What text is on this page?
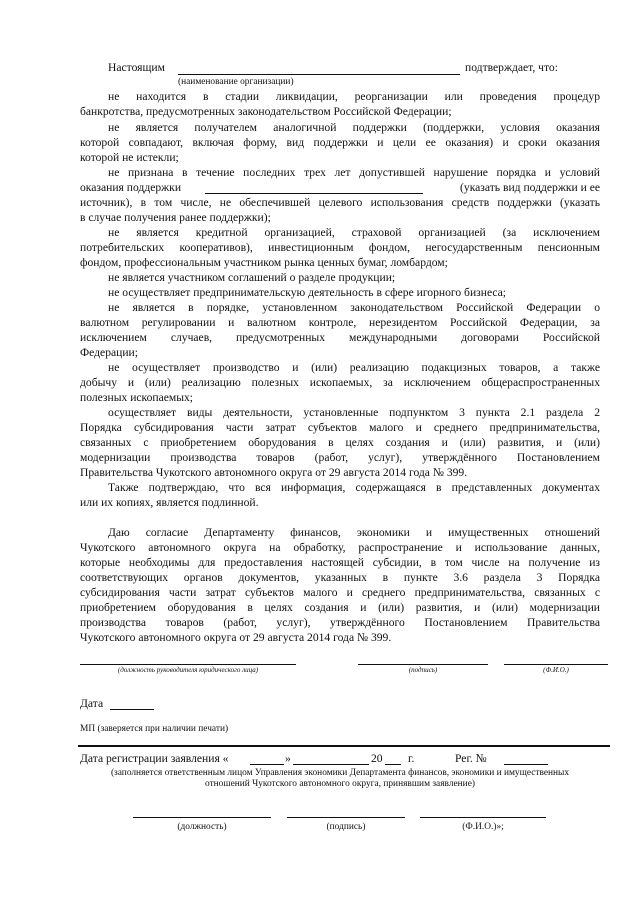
Настоящим	подтверждает, что:
(наименование организации)
не находится в стадии ликвидации, реорганизации или проведения процедур
банкротства, предусмотренных законодательством Российской Федерации;
не является получателем аналогичной поддержки (поддержки, условия оказания
которой совпадают, включая форму, вид поддержки и цели ее оказания) и сроки оказания
которой не истекли;
не признана в течение последних трех лет допустившей нарушение порядка и условий
оказания поддержки	(указать вид поддержки и ее
источник), в том числе, не обеспечившей целевого использования средств поддержки (указать
в случае получения ранее поддержки);
не является кредитной организацией, страховой организацией (за исключением
потребительских кооперативов), инвестиционным фондом, негосударственным пенсионным
фондом, профессиональным участником рынка ценных бумаг, ломбардом;
не является участником соглашений о разделе продукции;
не осуществляет предпринимательскую деятельность в сфере игорного бизнеса;
не является в порядке, установленном законодательством Российской Федерации о
валютном регулировании и валютном контроле, нерезидентом Российской Федерации, за
исключением случаев, предусмотренных международными договорами Российской
Федерации;
не осуществляет производство и (или) реализацию подакцизных товаров, а также
добычу и (или) реализацию полезных ископаемых, за исключением общераспространенных
полезных ископаемых;
осуществляет виды деятельности, установленные подпунктом 3 пункта 2.1 раздела 2
Порядка субсидирования части затрат субъектов малого и среднего предпринимательства,
связанных с приобретением оборудования в целях создания и (или) развития, и (или)
модернизации производства товаров (работ, услуг), утверждённого Постановлением
Правительства Чукотского автономного округа от 29 августа 2014 года № 399.
Также подтверждаю, что вся информация, содержащаяся в представленных документах
или их копиях, является подлинной.
Даю согласие Департаменту финансов, экономики и имущественных отношений
Чукотского автономного округа на обработку, распространение и использование данных,
которые необходимы для предоставления настоящей субсидии, в том числе на получение из
соответствующих органов документов, указанных в пункте 3.6 раздела 3 Порядка
субсидирования части затрат субъектов малого и среднего предпринимательства, связанных с
приобретением оборудования в целях создания и (или) развития, и (или) модернизации
производства товаров (работ, услуг), утверждённого Постановлением Правительства
Чукотского автономного округа от 29 августа 2014 года № 399.
(должность руководителя юридического лица)	(подпись)	(Ф.И.О.)
Дата
МП (заверяется при наличии печати)
Дата регистрации заявления «	»	20 г.	Рег. №
(заполняется ответственным лицом Управления экономики Департамента финансов, экономики и имущественных
отношений Чукотского автономного округа, принявшим заявление)
(должность)	(подпись)	(Ф.И.О.)»;
